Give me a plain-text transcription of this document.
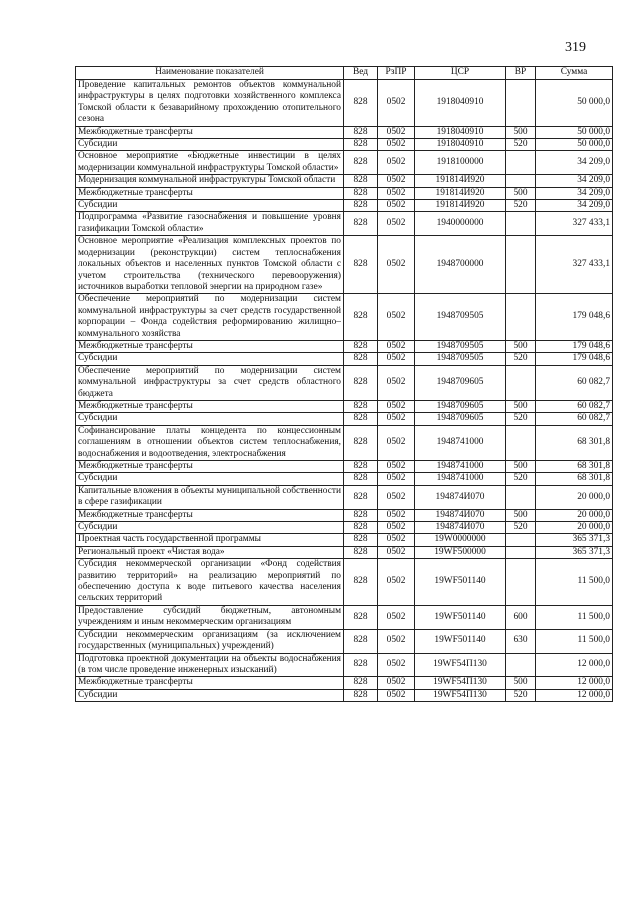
319
Наименование показателей	Вед	РзПР	ЦСР	ВР	Сумма
Проведение капитальных ремонтов объектов коммунальной инфраструктуры в целях подготовки хозяйственного комплекса Томской области к безаварийному прохождению отопительного сезона	828	0502	1918040910		50 000,0
Межбюджетные трансферты	828	0502	1918040910	500	50 000,0
Субсидии	828	0502	1918040910	520	50 000,0
Основное мероприятие «Бюджетные инвестиции в целях модернизации коммунальной инфраструктуры Томской области»	828	0502	1918100000		34 209,0
Модернизация коммунальной инфраструктуры Томской области	828	0502	191814И920		34 209,0
Межбюджетные трансферты	828	0502	191814И920	500	34 209,0
Субсидии	828	0502	191814И920	520	34 209,0
Подпрограмма «Развитие газоснабжения и повышение уровня газификации Томской области»	828	0502	1940000000		327 433,1
Основное мероприятие «Реализация комплексных проектов по модернизации (реконструкции) систем теплоснабжения локальных объектов и населенных пунктов Томской области с учетом строительства (технического перевооружения) источников выработки тепловой энергии на природном газе»	828	0502	1948700000		327 433,1
Обеспечение мероприятий по модернизации систем коммунальной инфраструктуры за счет средств государственной корпорации – Фонда содействия реформированию жилищно–коммунального хозяйства	828	0502	1948709505		179 048,6
Межбюджетные трансферты	828	0502	1948709505	500	179 048,6
Субсидии	828	0502	1948709505	520	179 048,6
Обеспечение мероприятий по модернизации систем коммунальной инфраструктуры за счет средств областного бюджета	828	0502	1948709605		60 082,7
Межбюджетные трансферты	828	0502	1948709605	500	60 082,7
Субсидии	828	0502	1948709605	520	60 082,7
Софинансирование платы концедента по концессионным соглашениям в отношении объектов систем теплоснабжения, водоснабжения и водоотведения, электроснабжения	828	0502	1948741000		68 301,8
Межбюджетные трансферты	828	0502	1948741000	500	68 301,8
Субсидии	828	0502	1948741000	520	68 301,8
Капитальные вложения в объекты муниципальной собственности в сфере газификации	828	0502	194874И070		20 000,0
Межбюджетные трансферты	828	0502	194874И070	500	20 000,0
Субсидии	828	0502	194874И070	520	20 000,0
Проектная часть государственной программы	828	0502	19W0000000		365 371,3
Региональный проект «Чистая вода»	828	0502	19WF500000		365 371,3
Субсидия некоммерческой организации «Фонд содействия развитию территорий» на реализацию мероприятий по обеспечению доступа к воде питьевого качества населения сельских территорий	828	0502	19WF501140		11 500,0
Предоставление субсидий бюджетным, автономным учреждениям и иным некоммерческим организациям	828	0502	19WF501140	600	11 500,0
Субсидии некоммерческим организациям (за исключением государственных (муниципальных) учреждений)	828	0502	19WF501140	630	11 500,0
Подготовка проектной документации на объекты водоснабжения (в том числе проведение инженерных изысканий)	828	0502	19WF54П130		12 000,0
Межбюджетные трансферты	828	0502	19WF54П130	500	12 000,0
Субсидии	828	0502	19WF54П130	520	12 000,0
